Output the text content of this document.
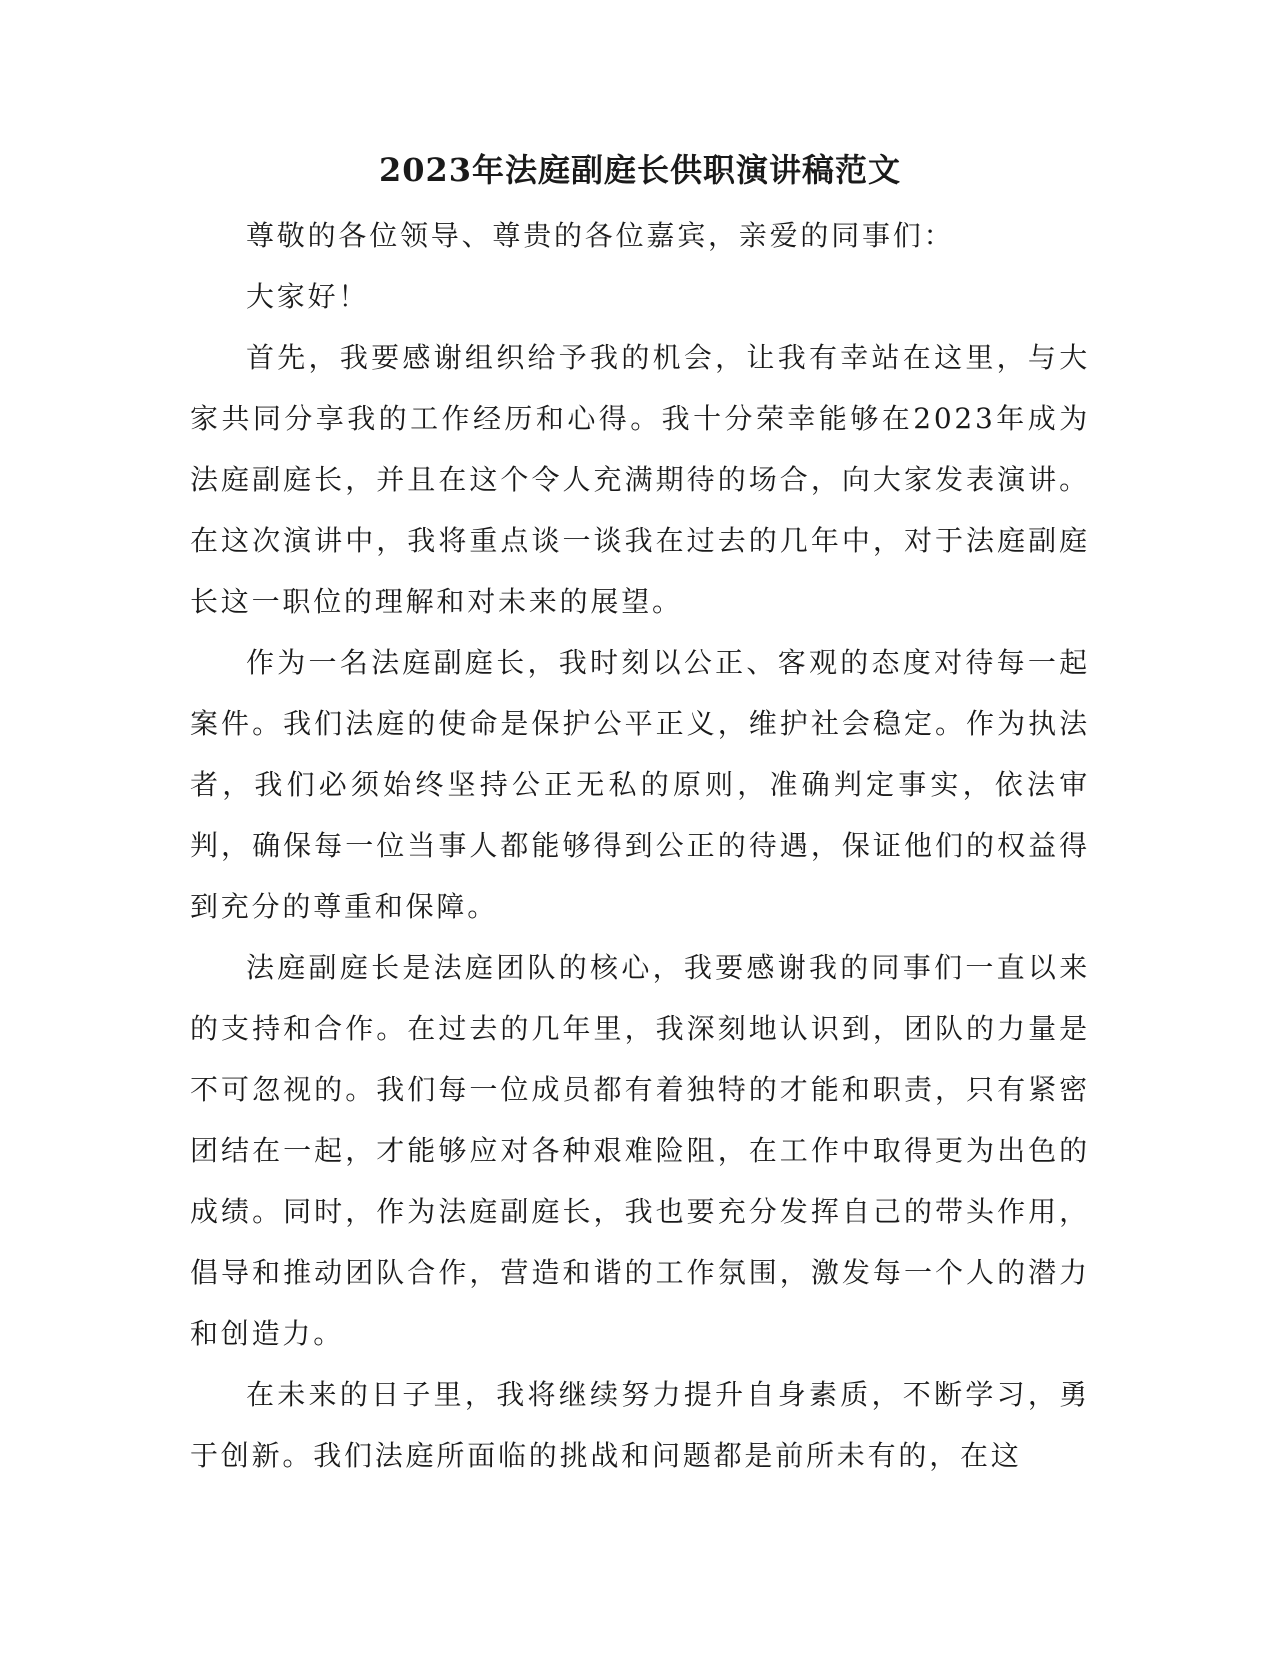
2023年法庭副庭长供职演讲稿范文

尊敬的各位领导、尊贵的各位嘉宾，亲爱的同事们：

大家好！

首先，我要感谢组织给予我的机会，让我有幸站在这里，与大家共同分享我的工作经历和心得。我十分荣幸能够在2023年成为法庭副庭长，并且在这个令人充满期待的场合，向大家发表演讲。在这次演讲中，我将重点谈一谈我在过去的几年中，对于法庭副庭长这一职位的理解和对未来的展望。

作为一名法庭副庭长，我时刻以公正、客观的态度对待每一起案件。我们法庭的使命是保护公平正义，维护社会稳定。作为执法者，我们必须始终坚持公正无私的原则，准确判定事实，依法审判，确保每一位当事人都能够得到公正的待遇，保证他们的权益得到充分的尊重和保障。

法庭副庭长是法庭团队的核心，我要感谢我的同事们一直以来的支持和合作。在过去的几年里，我深刻地认识到，团队的力量是不可忽视的。我们每一位成员都有着独特的才能和职责，只有紧密团结在一起，才能够应对各种艰难险阻，在工作中取得更为出色的成绩。同时，作为法庭副庭长，我也要充分发挥自己的带头作用，倡导和推动团队合作，营造和谐的工作氛围，激发每一个人的潜力和创造力。

在未来的日子里，我将继续努力提升自身素质，不断学习，勇于创新。我们法庭所面临的挑战和问题都是前所未有的，在这
